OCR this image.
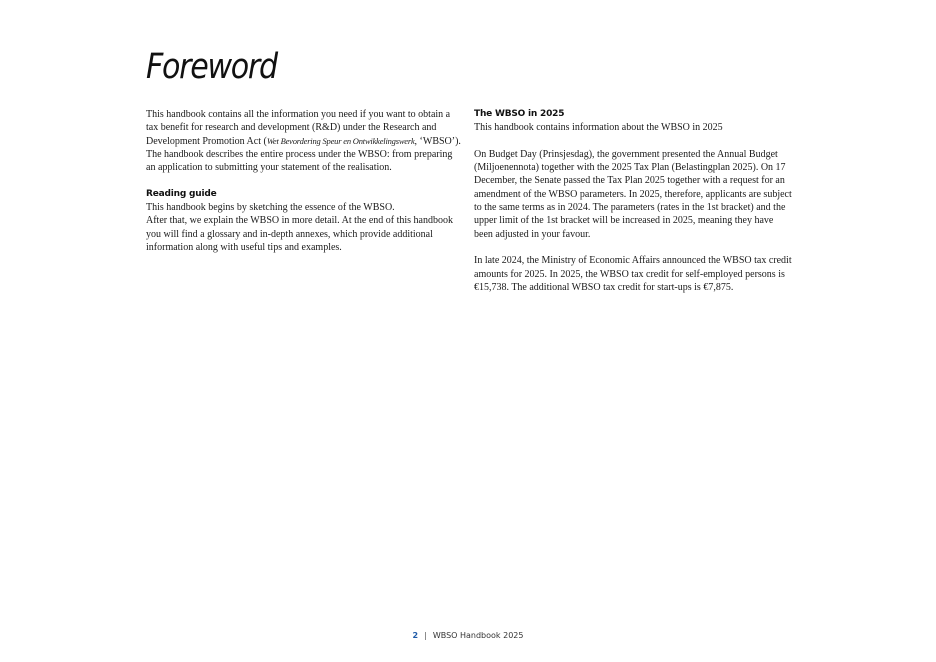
Foreword

This handbook contains all the information you need if you want to obtain a tax benefit for research and development (R&D) under the Research and Development Promotion Act (Wet Bevordering Speur en Ontwikkelingswerk, ‘WBSO’). The handbook describes the entire process under the WBSO: from preparing an application to submitting your statement of the realisation.

Reading guide
This handbook begins by sketching the essence of the WBSO.
After that, we explain the WBSO in more detail. At the end of this handbook you will find a glossary and in-depth annexes, which provide additional information along with useful tips and examples.

The WBSO in 2025
This handbook contains information about the WBSO in 2025

On Budget Day (Prinsjesdag), the government presented the Annual Budget (Miljoenennota) together with the 2025 Tax Plan (Belastingplan 2025). On 17 December, the Senate passed the Tax Plan 2025 together with a request for an amendment of the WBSO parameters. In 2025, therefore, applicants are subject to the same terms as in 2024. The parameters (rates in the 1st bracket) and the upper limit of the 1st bracket will be increased in 2025, meaning they have been adjusted in your favour.

In late 2024, the Ministry of Economic Affairs announced the WBSO tax credit amounts for 2025. In 2025, the WBSO tax credit for self-employed persons is €15,738. The additional WBSO tax credit for start-ups is €7,875.

2 | WBSO Handbook 2025
